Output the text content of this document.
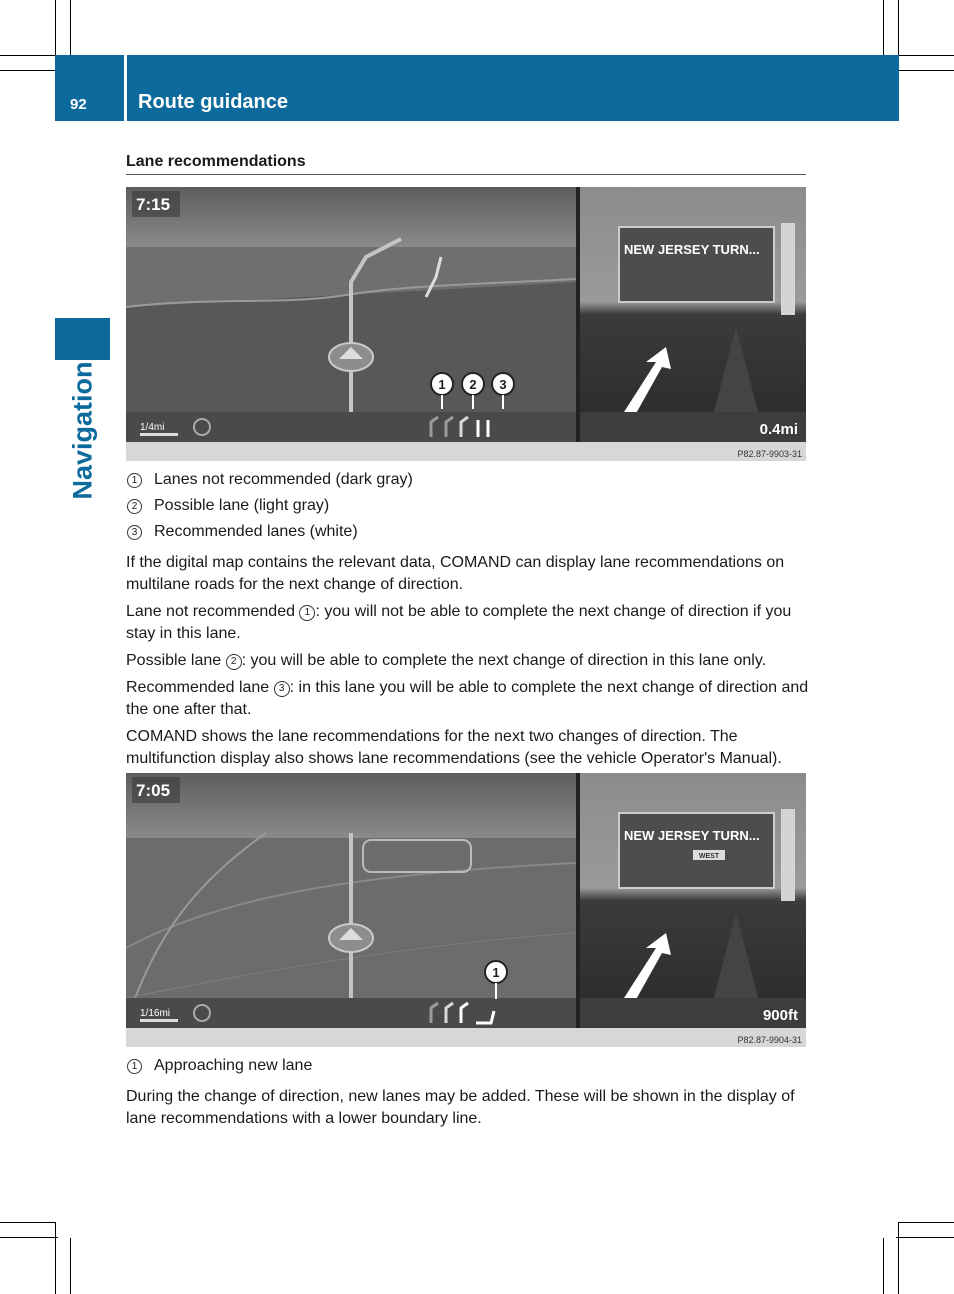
92	Route guidance
Navigation
Lane recommendations
7:15
1/4mi
1 2 3
NEW JERSEY TURN...
0.4mi
P82.87-9903-31
1 Lanes not recommended (dark gray)
2 Possible lane (light gray)
3 Recommended lanes (white)

If the digital map contains the relevant data, COMAND can display lane recommendations on multilane roads for the next change of direction.

Lane not recommended 1 : you will not be able to complete the next change of direction if you stay in this lane.

Possible lane 2 : you will be able to complete the next change of direction in this lane only.

Recommended lane 3 : in this lane you will be able to complete the next change of direction and the one after that.

COMAND shows the lane recommendations for the next two changes of direction. The multifunction display also shows lane recommendations (see the vehicle Operator's Manual).

7:05
1/16mi
1
NEW JERSEY TURN...
WEST
900ft
P82.87-9904-31
1 Approaching new lane

During the change of direction, new lanes may be added. These will be shown in the display of lane recommendations with a lower boundary line.
